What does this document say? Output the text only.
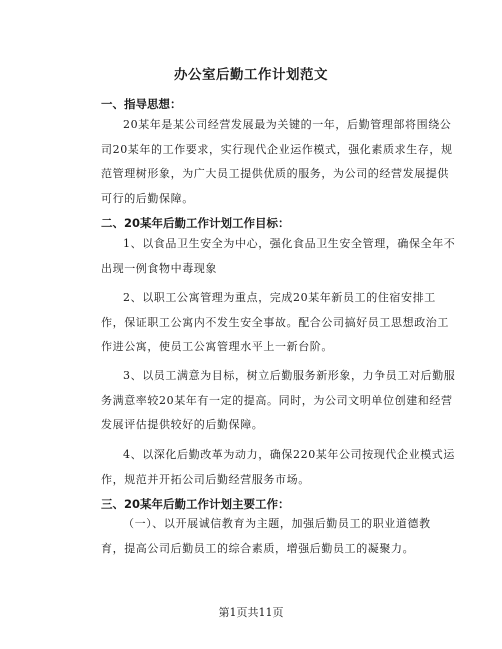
办公室后勤工作计划范文
一、指导思想：
20某年是某公司经营发展最为关键的一年，后勤管理部将围绕公
司20某年的工作要求，实行现代企业运作模式，强化素质求生存，规
范管理树形象，为广大员工提供优质的服务，为公司的经营发展提供
可行的后勤保障。
二、20某年后勤工作计划工作目标：
1、以食品卫生安全为中心，强化食品卫生安全管理，确保全年不
出现一例食物中毒现象
2、以职工公寓管理为重点，完成20某年新员工的住宿安排工
作，保证职工公寓内不发生安全事故。配合公司搞好员工思想政治工
作进公寓，使员工公寓管理水平上一新台阶。
3、以员工满意为目标，树立后勤服务新形象，力争员工对后勤服
务满意率较20某年有一定的提高。同时，为公司文明单位创建和经营
发展评估提供较好的后勤保障。
4、以深化后勤改革为动力，确保220某年公司按现代企业模式运
作，规范并开拓公司后勤经营服务市场。
三、20某年后勤工作计划主要工作：
（一）、以开展诚信教育为主题，加强后勤员工的职业道德教
育，提高公司后勤员工的综合素质，增强后勤员工的凝聚力。
第1页共11页
